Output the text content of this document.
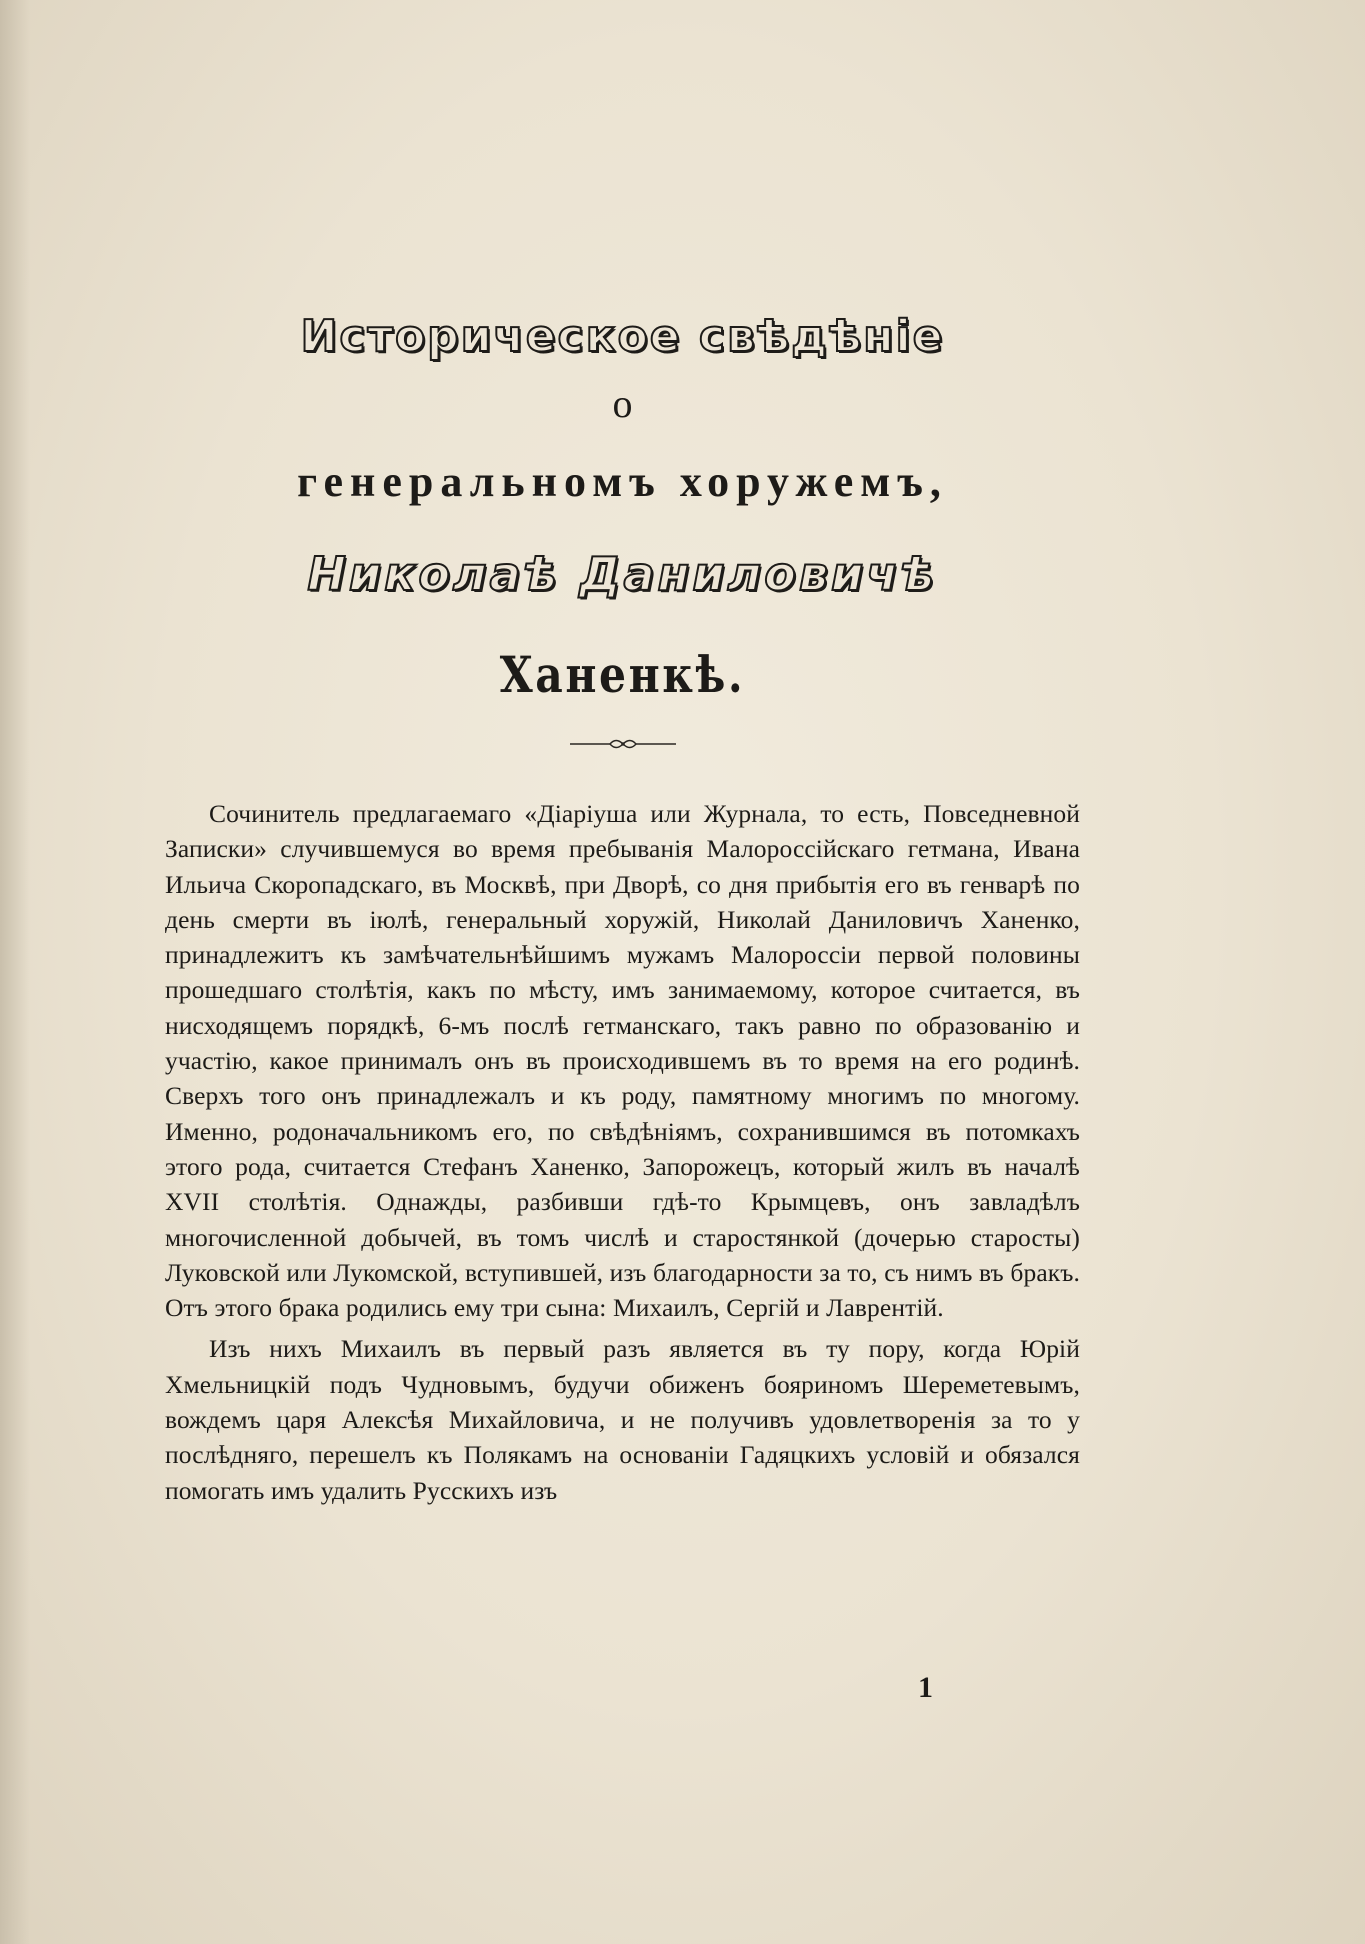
Историческое свѣдѣніе
о
генеральномъ хоружемъ,
Николаѣ Даниловичѣ
Ханенкѣ.

Сочинитель предлагаемаго «Діаріуша или Журнала, то есть, Повседневной Записки» случившемуся во время пребыванія Малороссійскаго гетмана, Ивана Ильича Скоропадскаго, въ Москвѣ, при Дворѣ, со дня прибытія его въ генварѣ по день смерти въ іюлѣ, генеральный хоружій, Николай Даниловичъ Ханенко, принадлежитъ къ замѣчательнѣйшимъ мужамъ Малороссіи первой половины прошедшаго столѣтія, какъ по мѣсту, имъ занимаемому, которое считается, въ нисходящемъ порядкѣ, 6-мъ послѣ гетманскаго, такъ равно по образованію и участію, какое принималъ онъ въ происходившемъ въ то время на его родинѣ. Сверхъ того онъ принадлежалъ и къ роду, памятному многимъ по многому. Именно, родоначальникомъ его, по свѣдѣніямъ, сохранившимся въ потомкахъ этого рода, считается Стефанъ Ханенко, Запорожецъ, который жилъ въ началѣ XVII столѣтія. Однажды, разбивши гдѣ-то Крымцевъ, онъ завладѣлъ многочисленной добычей, въ томъ числѣ и старостянкой (дочерью старосты) Луковской или Лукомской, вступившей, изъ благодарности за то, съ нимъ въ бракъ. Отъ этого брака родились ему три сына: Михаилъ, Сергій и Лаврентій.

Изъ нихъ Михаилъ въ первый разъ является въ ту пору, когда Юрій Хмельницкій подъ Чудновымъ, будучи обиженъ бояриномъ Шереметевымъ, вождемъ царя Алексѣя Михайловича, и не получивъ удовлетворенія за то у послѣдняго, перешелъ къ Полякамъ на основаніи Гадяцкихъ условій и обязался помогать имъ удалить Русскихъ изъ

1
